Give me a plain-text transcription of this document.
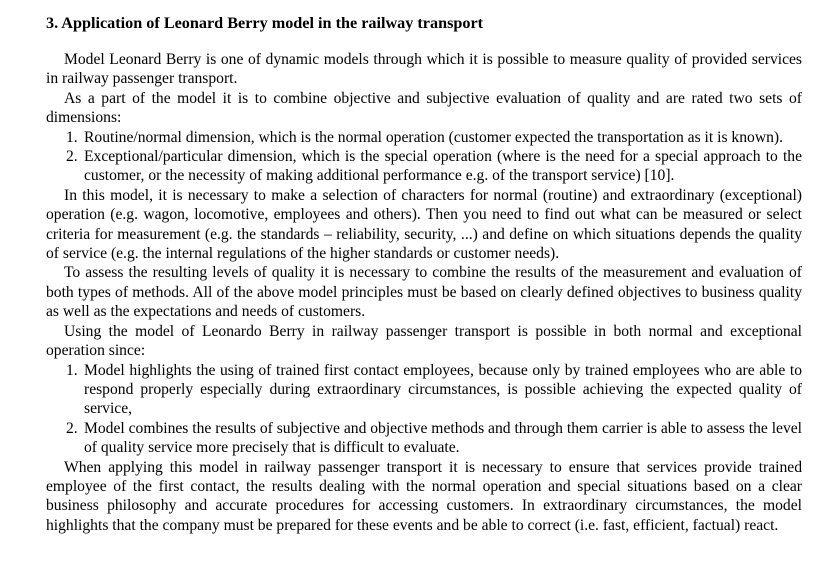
3. Application of Leonard Berry model in the railway transport

Model Leonard Berry is one of dynamic models through which it is possible to measure quality of provided services in railway passenger transport.

As a part of the model it is to combine objective and subjective evaluation of quality and are rated two sets of dimensions:

1. Routine/normal dimension, which is the normal operation (customer expected the transportation as it is known).
2. Exceptional/particular dimension, which is the special operation (where is the need for a special approach to the customer, or the necessity of making additional performance e.g. of the transport service) [10].

In this model, it is necessary to make a selection of characters for normal (routine) and extraordinary (exceptional) operation (e.g. wagon, locomotive, employees and others). Then you need to find out what can be measured or select criteria for measurement (e.g. the standards – reliability, security, ...) and define on which situations depends the quality of service (e.g. the internal regulations of the higher standards or customer needs).

To assess the resulting levels of quality it is necessary to combine the results of the measurement and evaluation of both types of methods. All of the above model principles must be based on clearly defined objectives to business quality as well as the expectations and needs of customers.

Using the model of Leonardo Berry in railway passenger transport is possible in both normal and exceptional operation since:

1. Model highlights the using of trained first contact employees, because only by trained employees who are able to respond properly especially during extraordinary circumstances, is possible achieving the expected quality of service,
2. Model combines the results of subjective and objective methods and through them carrier is able to assess the level of quality service more precisely that is difficult to evaluate.

When applying this model in railway passenger transport it is necessary to ensure that services provide trained employee of the first contact, the results dealing with the normal operation and special situations based on a clear business philosophy and accurate procedures for accessing customers. In extraordinary circumstances, the model highlights that the company must be prepared for these events and be able to correct (i.e. fast, efficient, factual) react.
